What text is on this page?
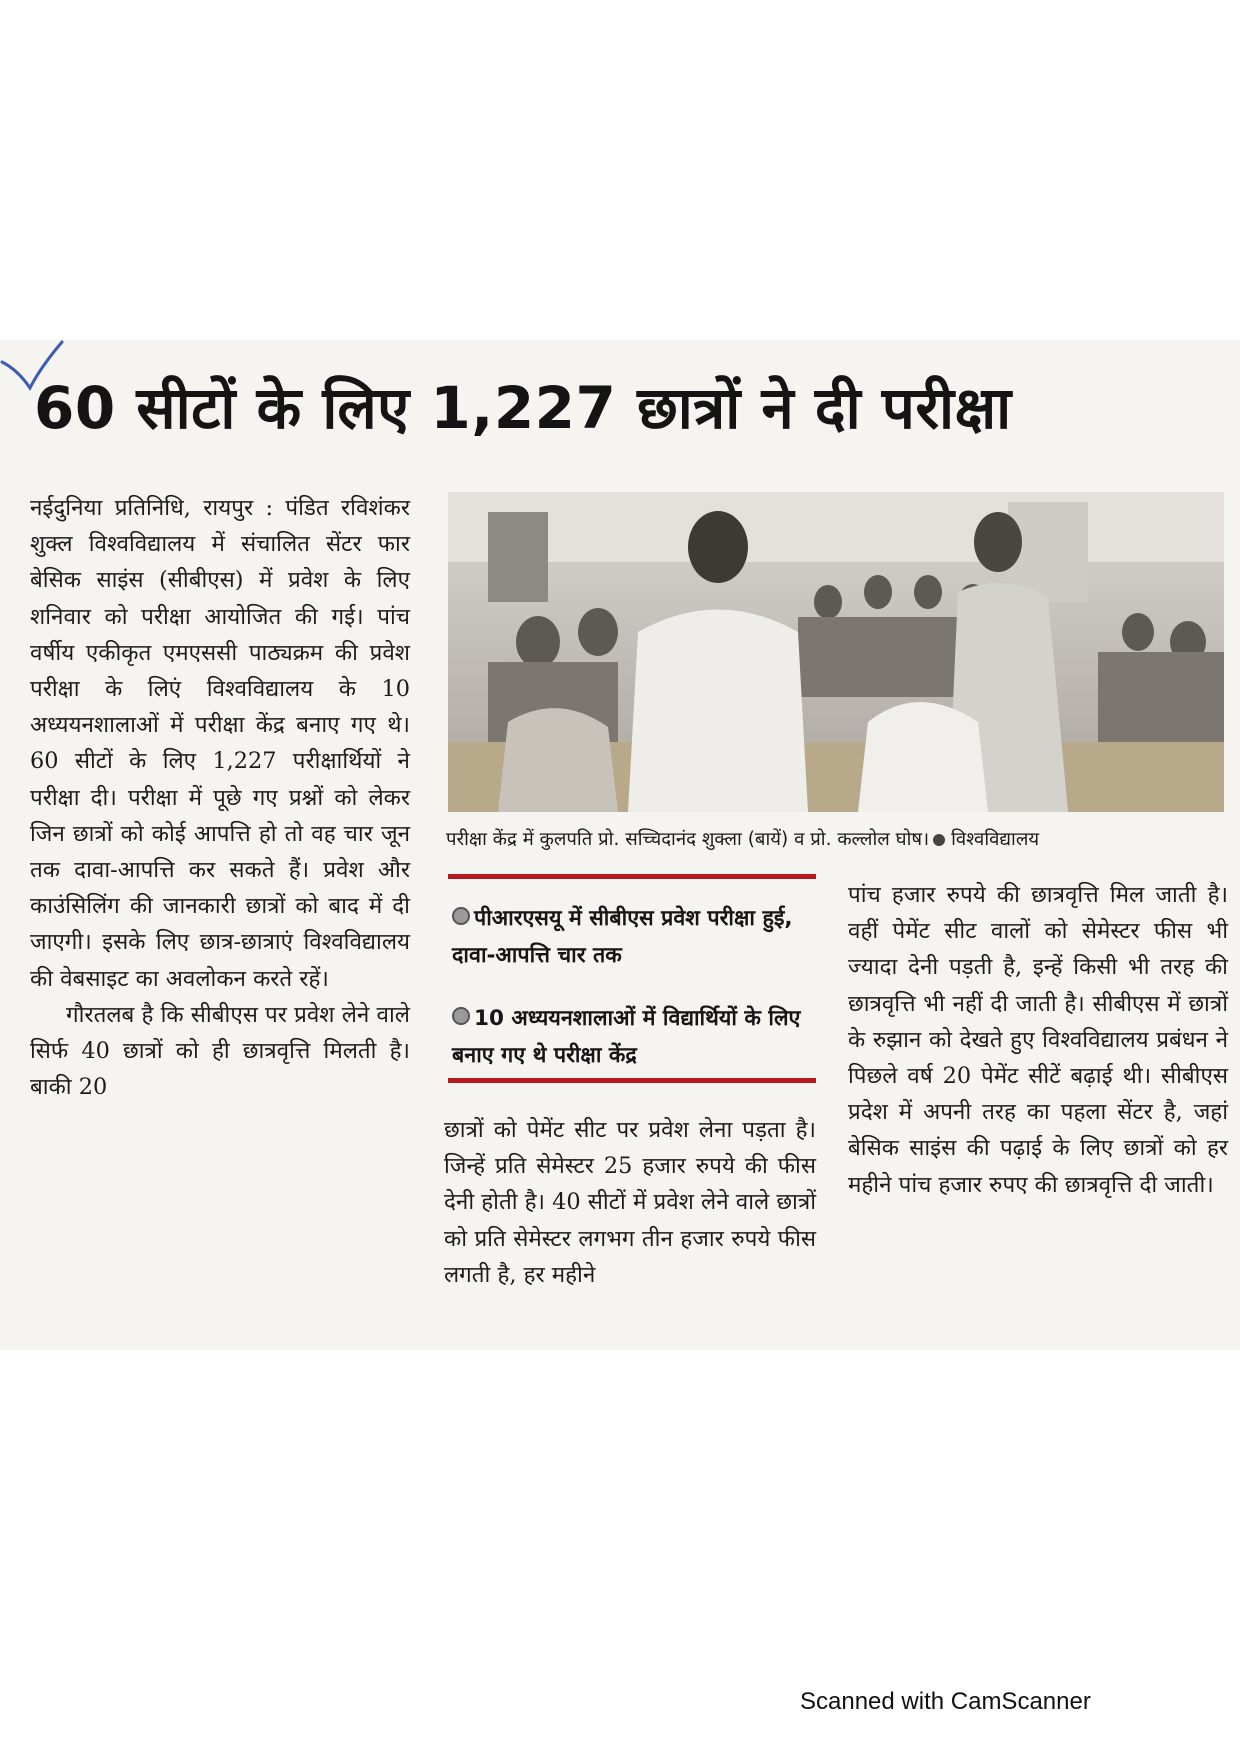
60 सीटों के लिए 1,227 छात्रों ने दी परीक्षा

नईदुनिया प्रतिनिधि, रायपुर : पंडित रविशंकर शुक्ल विश्वविद्यालय में संचालित सेंटर फार बेसिक साइंस (सीबीएस) में प्रवेश के लिए शनिवार को परीक्षा आयोजित की गई। पांच वर्षीय एकीकृत एमएससी पाठ्यक्रम की प्रवेश परीक्षा के लिएं विश्वविद्यालय के 10 अध्ययनशालाओं में परीक्षा केंद्र बनाए गए थे। 60 सीटों के लिए 1,227 परीक्षार्थियों ने परीक्षा दी। परीक्षा में पूछे गए प्रश्नों को लेकर जिन छात्रों को कोई आपत्ति हो तो वह चार जून तक दावा-आपत्ति कर सकते हैं। प्रवेश और काउंसिलिंग की जानकारी छात्रों को बाद में दी जाएगी। इसके लिए छात्र-छात्राएं विश्वविद्यालय की वेबसाइट का अवलोकन करते रहें।

गौरतलब है कि सीबीएस पर प्रवेश लेने वाले सिर्फ 40 छात्रों को ही छात्रवृत्ति मिलती है। बाकी 20

परीक्षा केंद्र में कुलपति प्रो. सच्चिदानंद शुक्ला (बायें) व प्रो. कल्लोल घोष। विश्वविद्यालय
पीआरएसयू में सीबीएस प्रवेश परीक्षा हुई, दावा-आपत्ति चार तक
10 अध्ययनशालाओं में विद्यार्थियों के लिए बनाए गए थे परीक्षा केंद्र

छात्रों को पेमेंट सीट पर प्रवेश लेना पड़ता है। जिन्हें प्रति सेमेस्टर 25 हजार रुपये की फीस देनी होती है। 40 सीटों में प्रवेश लेने वाले छात्रों को प्रति सेमेस्टर लगभग तीन हजार रुपये फीस लगती है, हर महीने

पांच हजार रुपये की छात्रवृत्ति मिल जाती है। वहीं पेमेंट सीट वालों को सेमेस्टर फीस भी ज्यादा देनी पड़ती है, इन्हें किसी भी तरह की छात्रवृत्ति भी नहीं दी जाती है। सीबीएस में छात्रों के रुझान को देखते हुए विश्वविद्यालय प्रबंधन ने पिछले वर्ष 20 पेमेंट सीटें बढ़ाई थी। सीबीएस प्रदेश में अपनी तरह का पहला सेंटर है, जहां बेसिक साइंस की पढ़ाई के लिए छात्रों को हर महीने पांच हजार रुपए की छात्रवृत्ति दी जाती।

Scanned with CamScanner
